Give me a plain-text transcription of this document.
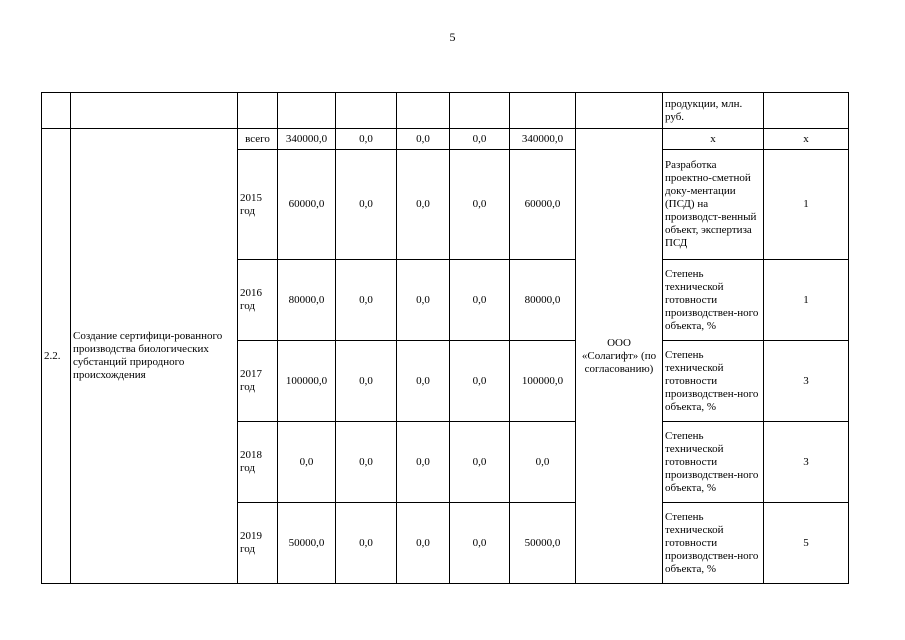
5
									продукции, млн. руб.	
2.2.	Создание сертифици-рованного производства биологических субстанций природного происхождения	всего	340000,0	0,0	0,0	0,0	340000,0	ООО «Солагифт» (по согласованию)	х	х
		2015 год	60000,0	0,0	0,0	0,0	60000,0		Разработка проектно-сметной доку-ментации (ПСД) на производст-венный объект, экспертиза ПСД	1
		2016 год	80000,0	0,0	0,0	0,0	80000,0		Степень технической готовности производствен-ного объекта, %	1
		2017 год	100000,0	0,0	0,0	0,0	100000,0		Степень технической готовности производствен-ного объекта, %	3
		2018 год	0,0	0,0	0,0	0,0	0,0		Степень технической готовности производствен-ного объекта, %	3
		2019 год	50000,0	0,0	0,0	0,0	50000,0		Степень технической готовности производствен-ного объекта, %	5
